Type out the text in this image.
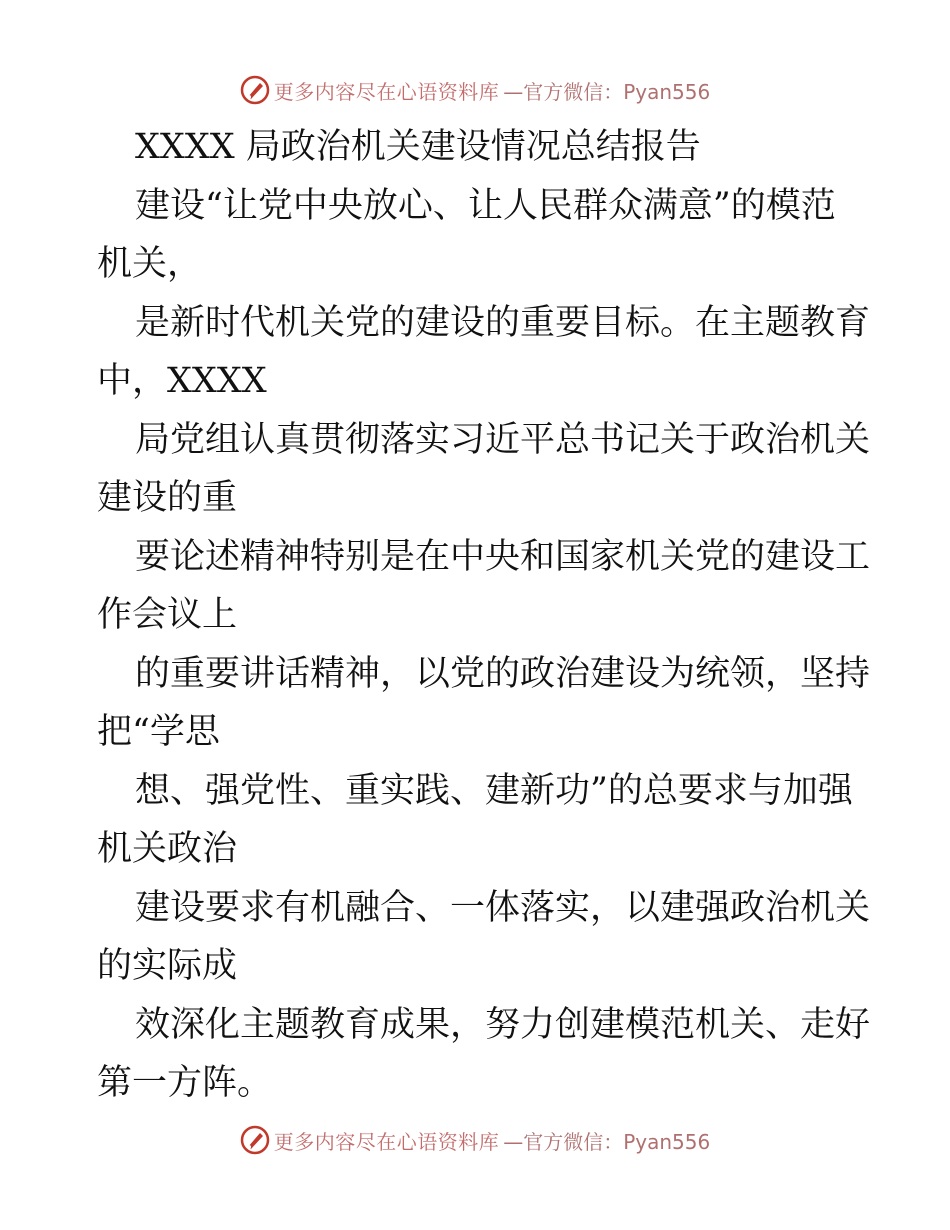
更多内容尽在心语资料库 —官方微信：Pyan556
XXXX 局政治机关建设情况总结报告
建设“让党中央放心、让人民群众满意”的模范
机关，
是新时代机关党的建设的重要目标。在主题教育
中，XXXX
局党组认真贯彻落实习近平总书记关于政治机关
建设的重
要论述精神特别是在中央和国家机关党的建设工
作会议上
的重要讲话精神，以党的政治建设为统领，坚持
把“学思
想、强党性、重实践、建新功”的总要求与加强
机关政治
建设要求有机融合、一体落实，以建强政治机关
的实际成
效深化主题教育成果，努力创建模范机关、走好
第一方阵。
更多内容尽在心语资料库 —官方微信：Pyan556
